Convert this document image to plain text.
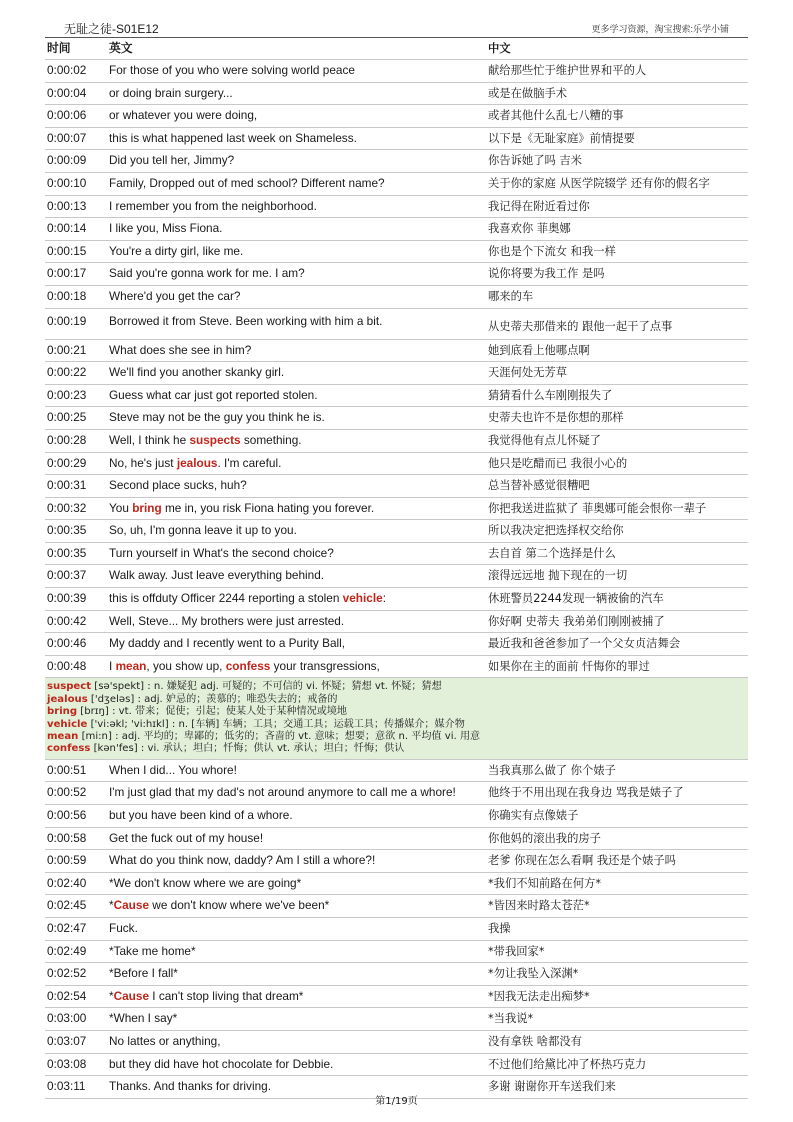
无耻之徒-S01E12	更多学习资源，淘宝搜索:乐学小铺
时间	英文	中文
0:00:02 For those of you who were solving world peace	献给那些忙于维护世界和平的人
0:00:04 or doing brain surgery...	或是在做脑手术
0:00:06 or whatever you were doing,	或者其他什么乱七八糟的事
0:00:07 this is what happened last week on Shameless.	以下是《无耻家庭》前情提要
0:00:09 Did you tell her, Jimmy?	你告诉她了吗 吉米
0:00:10 Family, Dropped out of med school? Different name?	关于你的家庭 从医学院辍学 还有你的假名字
0:00:13 I remember you from the neighborhood.	我记得在附近看过你
0:00:14 I like you, Miss Fiona.	我喜欢你 菲奥娜
0:00:15 You're a dirty girl, like me.	你也是个下流女 和我一样
0:00:17 Said you're gonna work for me. I am?	说你将要为我工作 是吗
0:00:18 Where'd you get the car?	哪来的车
0:00:19 Borrowed it from Steve. Been working with him a bit.	从史蒂夫那借来的 跟他一起干了点事
0:00:21 What does she see in him?	她到底看上他哪点啊
0:00:22 We'll find you another skanky girl.	天涯何处无芳草
0:00:23 Guess what car just got reported stolen.	猜猜看什么车刚刚报失了
0:00:25 Steve may not be the guy you think he is.	史蒂夫也许不是你想的那样
0:00:28 Well, I think he suspects something.	我觉得他有点儿怀疑了
0:00:29 No, he's just jealous. I'm careful.	他只是吃醋而已 我很小心的
0:00:31 Second place sucks, huh?	总当替补感觉很糟吧
0:00:32 You bring me in, you risk Fiona hating you forever.	你把我送进监狱了 菲奥娜可能会恨你一辈子
0:00:35 So, uh, I'm gonna leave it up to you.	所以我决定把选择权交给你
0:00:35 Turn yourself in What's the second choice?	去自首 第二个选择是什么
0:00:37 Walk away. Just leave everything behind.	滚得远远地 抛下现在的一切
0:00:39 this is offduty Officer 2244 reporting a stolen vehicle:	休班警员2244发现一辆被偷的汽车
0:00:42 Well, Steve... My brothers were just arrested.	你好啊 史蒂夫 我弟弟们刚刚被捕了
0:00:46 My daddy and I recently went to a Purity Ball,	最近我和爸爸参加了一个父女贞洁舞会
0:00:48 I mean, you show up, confess your transgressions,	如果你在主的面前 忏悔你的罪过
suspect [sə'spekt] : n. 嫌疑犯 adj. 可疑的；不可信的 vi. 怀疑；猜想 vt. 怀疑；猜想
jealous ['dʒeləs] : adj. 妒忌的；羡慕的；唯恐失去的；戒备的
bring [brɪŋ] : vt. 带来；促使；引起；使某人处于某种情况或境地
vehicle ['vi:əkl; 'vi:hɪkl] : n. [车辆] 车辆；工具；交通工具；运载工具；传播媒介；媒介物
mean [mi:n] : adj. 平均的；卑鄙的；低劣的；吝啬的 vt. 意味；想要；意欲 n. 平均值 vi. 用意
confess [kən'fes] : vi. 承认；坦白；忏悔；供认 vt. 承认；坦白；忏悔；供认
0:00:51 When I did... You whore!	当我真那么做了 你个婊子
0:00:52 I'm just glad that my dad's not around anymore to call me a whore!	他终于不用出现在我身边 骂我是婊子了
0:00:56 but you have been kind of a whore.	你确实有点像婊子
0:00:58 Get the fuck out of my house!	你他妈的滚出我的房子
0:00:59 What do you think now, daddy? Am I still a whore?!	老爹 你现在怎么看啊 我还是个婊子吗
0:02:40 *We don't know where we are going*	*我们不知前路在何方*
0:02:45 *Cause we don't know where we've been*	*皆因来时路太苍茫*
0:02:47 Fuck.	我操
0:02:49 *Take me home*	*带我回家*
0:02:52 *Before I fall*	*勿让我坠入深渊*
0:02:54 *Cause I can't stop living that dream*	*因我无法走出痴梦*
0:03:00 *When I say*	*当我说*
0:03:07 No lattes or anything,	没有拿铁 啥都没有
0:03:08 but they did have hot chocolate for Debbie.	不过他们给黛比冲了杯热巧克力
0:03:11 Thanks. And thanks for driving.	多谢 谢谢你开车送我们来
第1/19页
